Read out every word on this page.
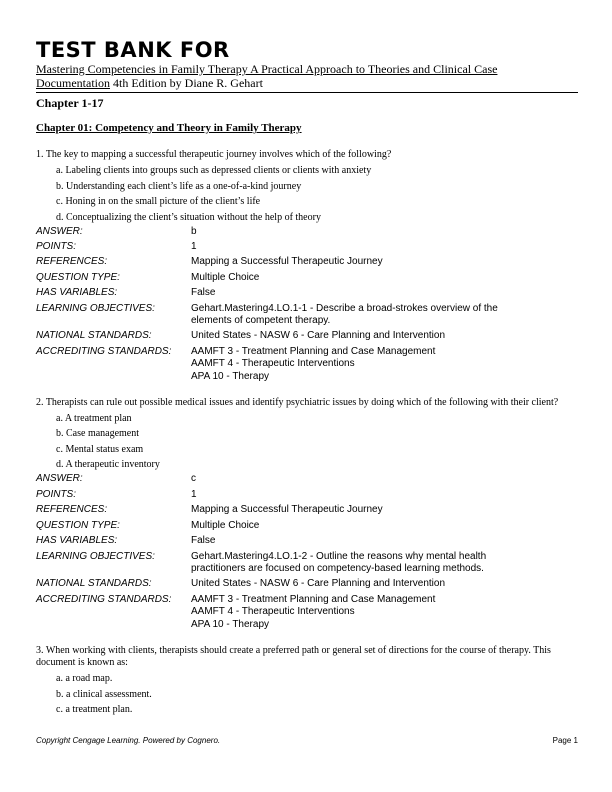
TEST BANK FOR
Mastering Competencies in Family Therapy A Practical Approach to Theories and Clinical Case
Documentation 4th Edition by Diane R. Gehart
Chapter 1-17
Chapter 01: Competency and Theory in Family Therapy
1. The key to mapping a successful therapeutic journey involves which of the following?
a. Labeling clients into groups such as depressed clients or clients with anxiety
b. Understanding each client’s life as a one-of-a-kind journey
c. Honing in on the small picture of the client’s life
d. Conceptualizing the client’s situation without the help of theory
ANSWER:	b
POINTS:	1
REFERENCES:	Mapping a Successful Therapeutic Journey
QUESTION TYPE:	Multiple Choice
HAS VARIABLES:	False
LEARNING OBJECTIVES:	Gehart.Mastering4.LO.1-1 - Describe a broad-strokes overview of the
elements of competent therapy.
NATIONAL STANDARDS:	United States - NASW 6 - Care Planning and Intervention
ACCREDITING STANDARDS:	AAMFT 3 - Treatment Planning and Case Management
AAMFT 4 - Therapeutic Interventions
APA 10 - Therapy
2. Therapists can rule out possible medical issues and identify psychiatric issues by doing which of the following with their client?
a. A treatment plan
b. Case management
c. Mental status exam
d. A therapeutic inventory
ANSWER:	c
POINTS:	1
REFERENCES:	Mapping a Successful Therapeutic Journey
QUESTION TYPE:	Multiple Choice
HAS VARIABLES:	False
LEARNING OBJECTIVES:	Gehart.Mastering4.LO.1-2 - Outline the reasons why mental health
practitioners are focused on competency-based learning methods.
NATIONAL STANDARDS:	United States - NASW 6 - Care Planning and Intervention
ACCREDITING STANDARDS:	AAMFT 3 - Treatment Planning and Case Management
AAMFT 4 - Therapeutic Interventions
APA 10 - Therapy
3. When working with clients, therapists should create a preferred path or general set of directions for the course of therapy. This document is known as:
a. a road map.
b. a clinical assessment.
c. a treatment plan.
Copyright Cengage Learning. Powered by Cognero.	Page 1
